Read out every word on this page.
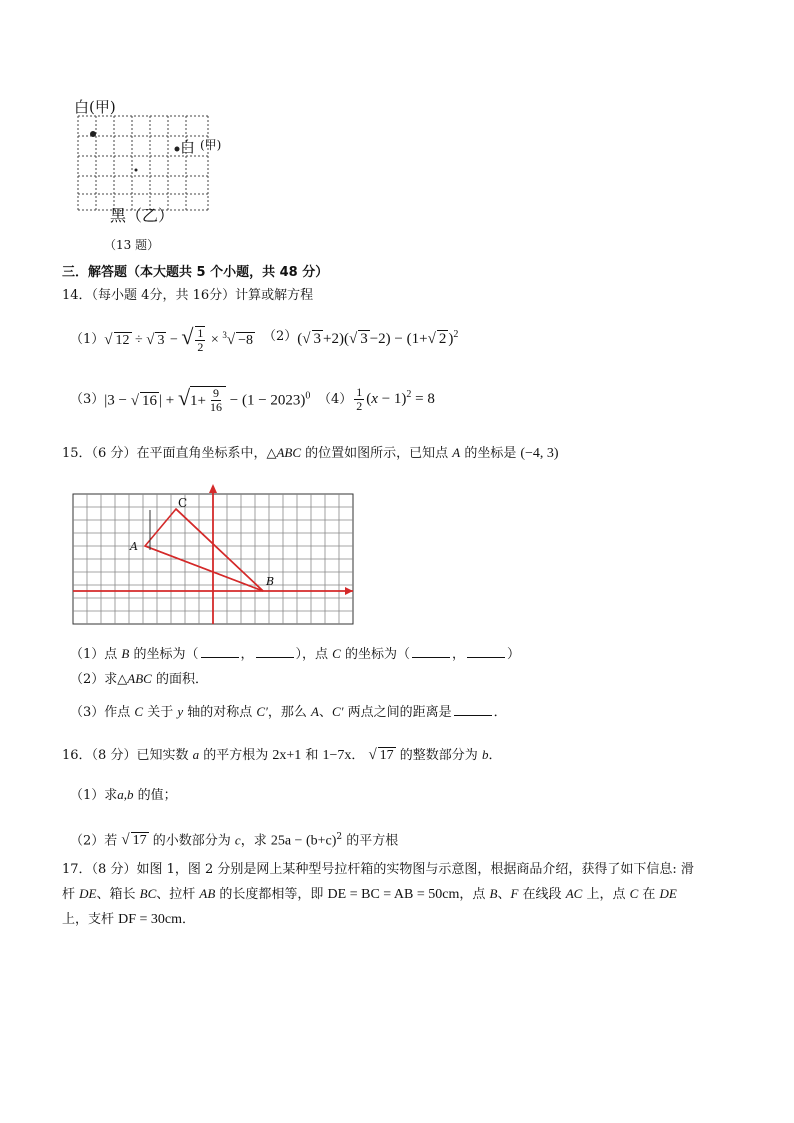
白(甲)
白 (甲)
黑（乙）
（13 题）
三．解答题（本大题共 5 个小题，共 48 分）
14．（每小题 4分，共 16分）计算或解方程
（1） √ 12 ÷ √ 3 − √ $\frac{1}{2} \times ^3√ -8$ （2） (√ 3 +2)(√ 3 −2) − (1+√ 2 )$^2$
（3） |3 − √ 16 | + $√1+ \frac{9}{16} - (1 - 2023)^0$ $(4) \frac{1}{2} (x - 1)^2 = 8$
15．（6 分）在平面直角坐标系中，△ABC 的位置如图所示，已知点 A 的坐标是 (−4, 3)
A
C
B
（1）点 B 的坐标为（	，	），点 C 的坐标为（	，	）
（2）求△ABC 的面积．
（3）作点 C 关于 y 轴的对称点 C′，那么 A、C′ 两点之间的距离是	．
16．（8 分）已知实数 a 的平方根为 2x+1 和 1−7x． √ 17 的整数部分为 b．
（1）求a,b 的值；
（2）若 √ 17 的小数部分为 c，求 $25a - (b+c)^2$ 的平方根
17．（8 分）如图 1，图 2 分别是网上某种型号拉杆箱的实物图与示意图，根据商品介绍，获得了如下信息: 滑
杆 DE、箱长 BC、拉杆 AB 的长度都相等，即 DE = BC = AB = 50cm，点 B、F 在线段 AC 上，点 C 在 DE
上，支杆 DF = 30cm．
